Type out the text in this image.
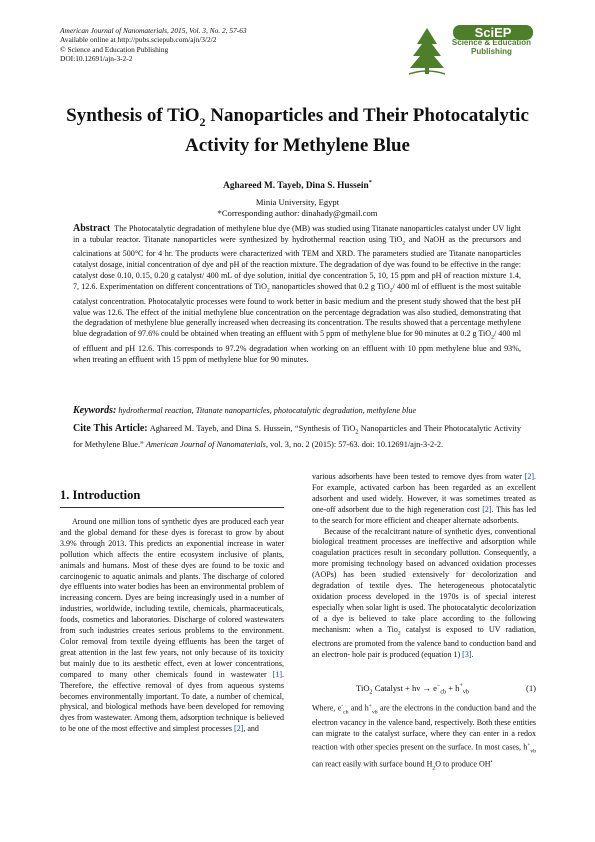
American Journal of Nanomaterials, 2015, Vol. 3, No. 2, 57-63
Available online at http://pubs.sciepub.com/ajn/3/2/2
© Science and Education Publishing
DOI:10.12691/ajn-3-2-2
SciEP
Science & Education
Publishing
Synthesis of TiO$_2$ Nanoparticles and Their Photocatalytic
Activity for Methylene Blue
Aghareed M. Tayeb, Dina S. Hussein*
Minia University, Egypt
*Corresponding author: dinahady@gmail.com
Abstract The Photocatalytic degradation of methylene blue dye (MB) was studied using Titanate nanoparticles catalyst under UV light in a tubular reactor. Titanate nanoparticles were synthesized by hydrothermal reaction using TiO$_2$ and NaOH as the precursors and calcinations at 500°C for 4 hr. The products were characterized with TEM and XRD. The parameters studied are Titanate nanoparticles catalyst dosage, initial concentration of dye and pH of the reaction mixture. The degradation of dye was found to be effective in the range: catalyst dose 0.10, 0.15, 0.20 g catalyst/ 400 mL of dye solution, initial dye concentration 5, 10, 15 ppm and pH of reaction mixture 1.4, 7, 12.6. Experimentation on different concentrations of TiO$_2$ nanoparticles showed that 0.2 g TiO$_2$/ 400 ml of effluent is the most suitable catalyst concentration. Photocatalytic processes were found to work better in basic medium and the present study showed that the best pH value was 12.6. The effect of the initial methylene blue concentration on the percentage degradation was also studied, demonstrating that the degradation of methylene blue generally increased when decreasing its concentration. The results showed that a percentage methylene blue degradation of 97.6% could be obtained when treating an effluent with 5 ppm of methylene blue for 90 minutes at 0.2 g TiO$_2$/ 400 ml of effluent and pH 12.6. This corresponds to 97.2% degradation when working on an effluent with 10 ppm methylene blue and 93%, when treating an effluent with 15 ppm of methylene blue for 90 minutes.
Keywords: hydrothermal reaction, Titanate nanoparticles, photocatalytic degradation, methylene blue
Cite This Article: Aghareed M. Tayeb, and Dina S. Hussein, “Synthesis of TiO$_2$ Nanoparticles and Their Photocatalytic Activity for Methylene Blue.” American Journal of Nanomaterials, vol. 3, no. 2 (2015): 57-63. doi: 10.12691/ajn-3-2-2.
1. Introduction

Around one million tons of synthetic dyes are produced each year and the global demand for these dyes is forecast to grow by about 3.9% through 2013. This predicts an exponential increase in water pollution which affects the entire ecosystem inclusive of plants, animals and humans. Most of these dyes are found to be toxic and carcinogenic to aquatic animals and plants. The discharge of colored dye effluents into water bodies has been an environmental problem of increasing concern. Dyes are being increasingly used in a number of industries, worldwide, including textile, chemicals, pharmaceuticals, foods, cosmetics and laboratories. Discharge of colored wastewaters from such industries creates serious problems to the environment. Color removal from textile dyeing effluents has been the target of great attention in the last few years, not only because of its toxicity but mainly due to its aesthetic effect, even at lower concentrations, compared to many other chemicals found in wastewater [1]. Therefore, the effective removal of dyes from aqueous systems becomes environmentally important. To date, a number of chemical, physical, and biological methods have been developed for removing dyes from wastewater. Among them, adsorption technique is believed to be one of the most effective and simplest processes [2], and

various adsorbents have been tested to remove dyes from water [2]. For example, activated carbon has been regarded as an excellent adsorbent and used widely. However, it was sometimes treated as one-off adsorbent due to the high regeneration cost [2]. This has led to the search for more efficient and cheaper alternate adsorbents.

Because of the recalcitrant nature of synthetic dyes, conventional biological treatment processes are ineffective and adsorption while coagulation practices result in secondary pollution. Consequently, a more promising technology based on advanced oxidation processes (AOPs) has been studied extensively for decolorization and degradation of textile dyes. The heterogeneous photocatalytic oxidation process developed in the 1970s is of special interest especially when solar light is used. The photocatalytic decolorization of a dye is believed to take place according to the following mechanism: when a Tio$_2$ catalyst is exposed to UV radiation, electrons are promoted from the valence band to conduction band and an electron- hole pair is produced (equation 1) [3].

TiO$_2$ Catalyst + $h\nu \to e^-_{cb} + h^+_{vb}$	(1)

Where, $e^-_{cb}$ and $h^+_{vb}$ are the electrons in the conduction band and the electron vacancy in the valence band, respectively. Both these entities can migrate to the catalyst surface, where they can enter in a redox reaction with other species present on the surface. In most cases, $h^+_{vb}$ can react easily with surface bound $H_2O$ to produce OH•
